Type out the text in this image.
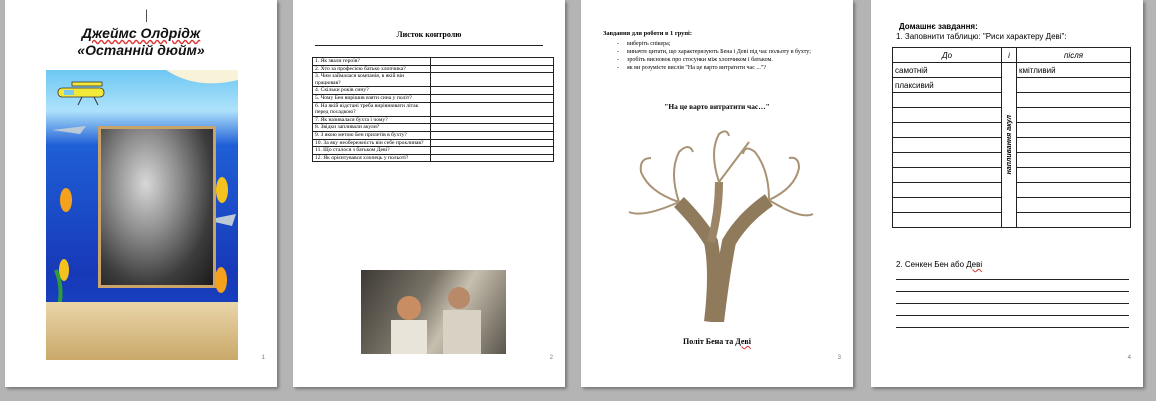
|
Джеймс Олдрідж
«Останній дюйм»
1
Листок контролю
1. Як звали героїв?	
2. Хто за професією батько хлопчика?	
3. Чим займалася компанія, в якій він працював?	
4. Скільки років сину?	
5. Чому Бен вирішив взяти сина у політ?	
6. На якій відстані треба вирівнювати літак перед посадкою?	
7. Як називалася бухта і чому?	
8. Звідки запливали акули?	
9. З якою метою Бен прилетів в бухту?	
10. За яку необережність він себе проклинав?	
11. Що сталося з батьком Деві?	
12. Як орієнтувався хлопець у польоті?	
2
Завдання для роботи в 1 групі:
- виберіть спікера;
- виначте цитати, що характеризують Бена і Деві під час польоту в бухту;
- зробіть висновок про стосунки між хлопчиком і батьком.
- як ви розумієте вислів "На це варто витратити час ..."?
"На це варто витратити час…"
Політ Бена та Деві
3
Домашнє завдання:
1. Заповнити таблицю: "Риси характеру Деві":
До	і	після
самотній	напливання акул	кмітливий
плаксивий		

2. Сенкен Бен або Деві
4
